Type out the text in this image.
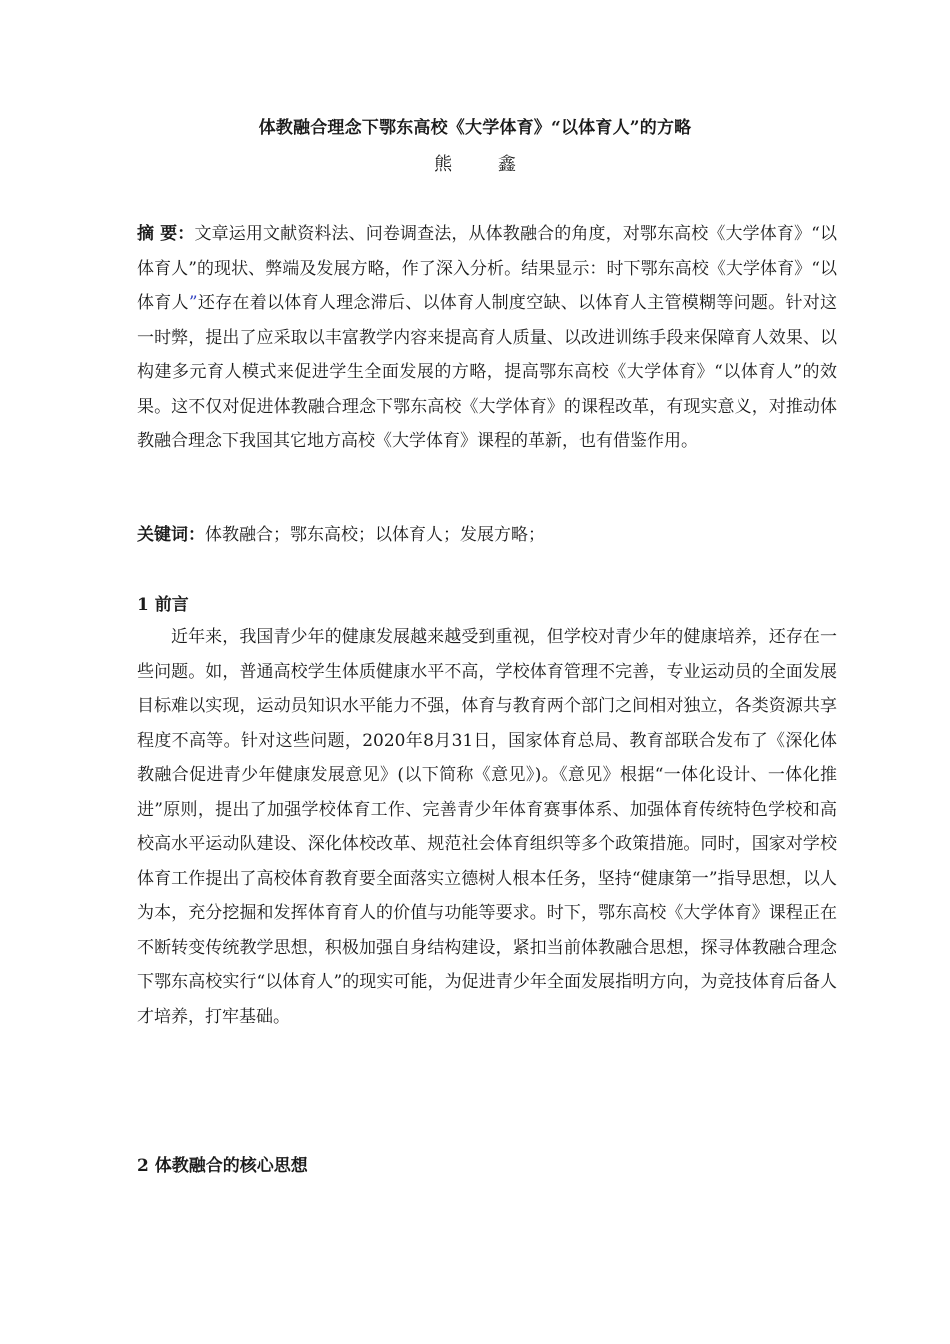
体教融合理念下鄂东高校《大学体育》“以体育人”的方略
熊 鑫
摘 要：文章运用文献资料法、问卷调查法，从体教融合的角度，对鄂东高校《大学体育》“以体育人”的现状、弊端及发展方略，作了深入分析。结果显示：时下鄂东高校《大学体育》“以体育人”还存在着以体育人理念滞后、以体育人制度空缺、以体育人主管模糊等问题。针对这一时弊，提出了应采取以丰富教学内容来提高育人质量、以改进训练手段来保障育人效果、以构建多元育人模式来促进学生全面发展的方略，提高鄂东高校《大学体育》“以体育人”的效果。这不仅对促进体教融合理念下鄂东高校《大学体育》的课程改革，有现实意义，对推动体教融合理念下我国其它地方高校《大学体育》课程的革新，也有借鉴作用。
关键词：体教融合；鄂东高校；以体育人；发展方略；
1 前言
近年来，我国青少年的健康发展越来越受到重视，但学校对青少年的健康培养，还存在一些问题。如，普通高校学生体质健康水平不高，学校体育管理不完善，专业运动员的全面发展目标难以实现，运动员知识水平能力不强，体育与教育两个部门之间相对独立，各类资源共享程度不高等。针对这些问题，2020年8月31日，国家体育总局、教育部联合发布了《深化体教融合促进青少年健康发展意见》(以下简称《意见》)。《意见》根据“一体化设计、一体化推进”原则，提出了加强学校体育工作、完善青少年体育赛事体系、加强体育传统特色学校和高校高水平运动队建设、深化体校改革、规范社会体育组织等多个政策措施。同时，国家对学校体育工作提出了高校体育教育要全面落实立德树人根本任务，坚持“健康第一”指导思想，以人为本，充分挖掘和发挥体育育人的价值与功能等要求。时下，鄂东高校《大学体育》课程正在不断转变传统教学思想，积极加强自身结构建设，紧扣当前体教融合思想，探寻体教融合理念下鄂东高校实行“以体育人”的现实可能，为促进青少年全面发展指明方向，为竞技体育后备人才培养，打牢基础。
2 体教融合的核心思想
